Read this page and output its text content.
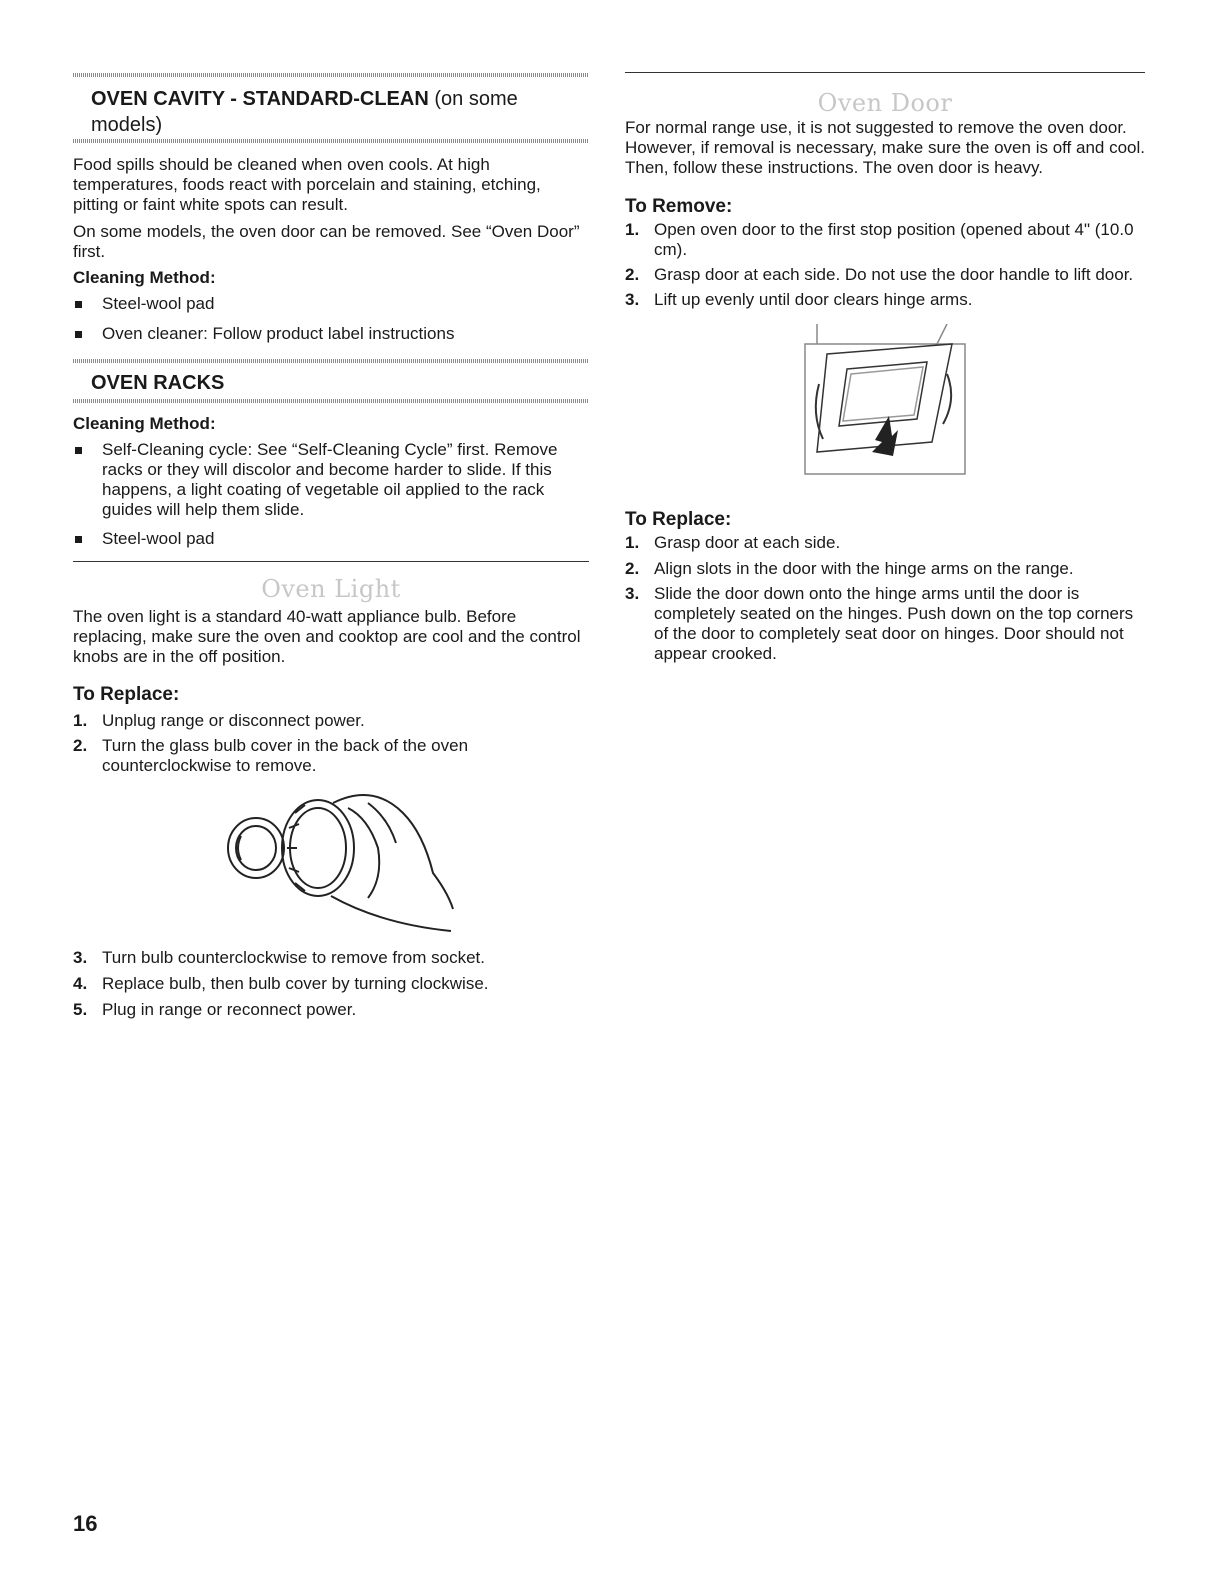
OVEN CAVITY - STANDARD-CLEAN (on some models)

Food spills should be cleaned when oven cools. At high temperatures, foods react with porcelain and staining, etching, pitting or faint white spots can result.

On some models, the oven door can be removed. See “Oven Door” first.

Cleaning Method:
Steel-wool pad
Oven cleaner: Follow product label instructions
OVEN RACKS
Cleaning Method:
Self-Cleaning cycle: See “Self-Cleaning Cycle” first. Remove racks or they will discolor and become harder to slide. If this happens, a light coating of vegetable oil applied to the rack guides will help them slide.
Steel-wool pad
Oven Light

The oven light is a standard 40-watt appliance bulb. Before replacing, make sure the oven and cooktop are cool and the control knobs are in the off position.

To Replace:
1. Unplug range or disconnect power.
2. Turn the glass bulb cover in the back of the oven counterclockwise to remove.
3. Turn bulb counterclockwise to remove from socket.
4. Replace bulb, then bulb cover by turning clockwise.
5. Plug in range or reconnect power.
Oven Door

For normal range use, it is not suggested to remove the oven door. However, if removal is necessary, make sure the oven is off and cool. Then, follow these instructions. The oven door is heavy.

To Remove:
1. Open oven door to the first stop position (opened about 4" (10.0 cm).
2. Grasp door at each side. Do not use the door handle to lift door.
3. Lift up evenly until door clears hinge arms.
To Replace:
1. Grasp door at each side.
2. Align slots in the door with the hinge arms on the range.
3. Slide the door down onto the hinge arms until the door is completely seated on the hinges. Push down on the top corners of the door to completely seat door on hinges. Door should not appear crooked.
16
